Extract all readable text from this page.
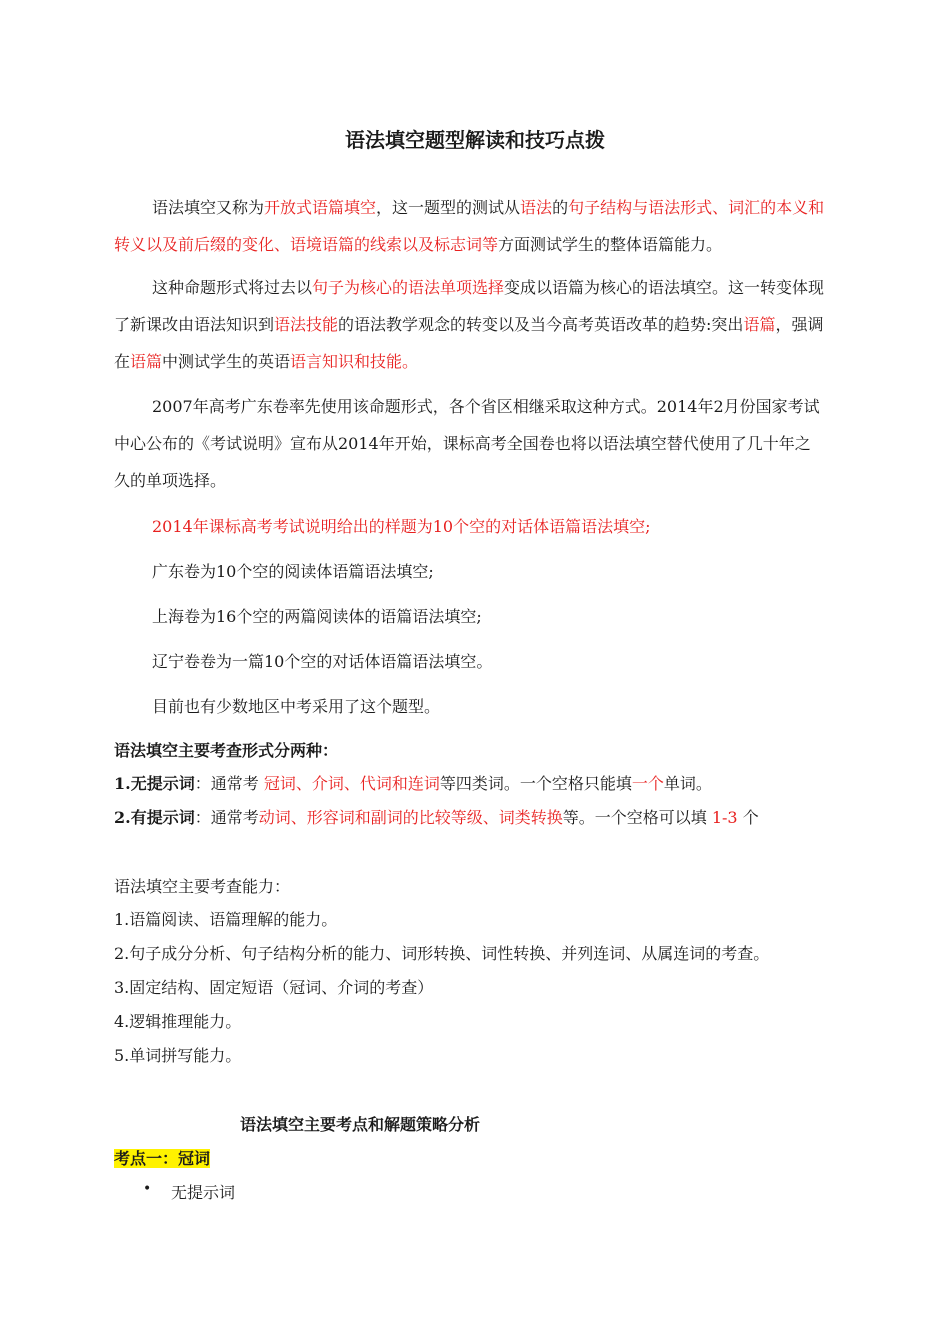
语法填空题型解读和技巧点拨

语法填空又称为开放式语篇填空，这一题型的测试从语法的句子结构与语法形式、词汇的本义和转义以及前后缀的变化、语境语篇的线索以及标志词等方面测试学生的整体语篇能力。

这种命题形式将过去以句子为核心的语法单项选择变成以语篇为核心的语法填空。这一转变体现了新课改由语法知识到语法技能的语法教学观念的转变以及当今高考英语改革的趋势:突出语篇，强调在语篇中测试学生的英语语言知识和技能。

2007年高考广东卷率先使用该命题形式，各个省区相继采取这种方式。2014年2月份国家考试中心公布的《考试说明》宣布从2014年开始，课标高考全国卷也将以语法填空替代使用了几十年之久的单项选择。

2014年课标高考考试说明给出的样题为10个空的对话体语篇语法填空;
广东卷为10个空的阅读体语篇语法填空;
上海卷为16个空的两篇阅读体的语篇语法填空;
辽宁卷卷为一篇10个空的对话体语篇语法填空。
目前也有少数地区中考采用了这个题型。
语法填空主要考查形式分两种：
1.无提示词：通常考 冠词、介词、代词和连词等四类词。一个空格只能填一个单词。
2.有提示词：通常考动词、形容词和副词的比较等级、词类转换等。一个空格可以填 1-3 个
语法填空主要考查能力：
1.语篇阅读、语篇理解的能力。
2.句子成分分析、句子结构分析的能力、词形转换、词性转换、并列连词、从属连词的考查。
3.固定结构、固定短语（冠词、介词的考查）
4.逻辑推理能力。
5.单词拼写能力。
语法填空主要考点和解题策略分析
考点一：冠词
• 无提示词
